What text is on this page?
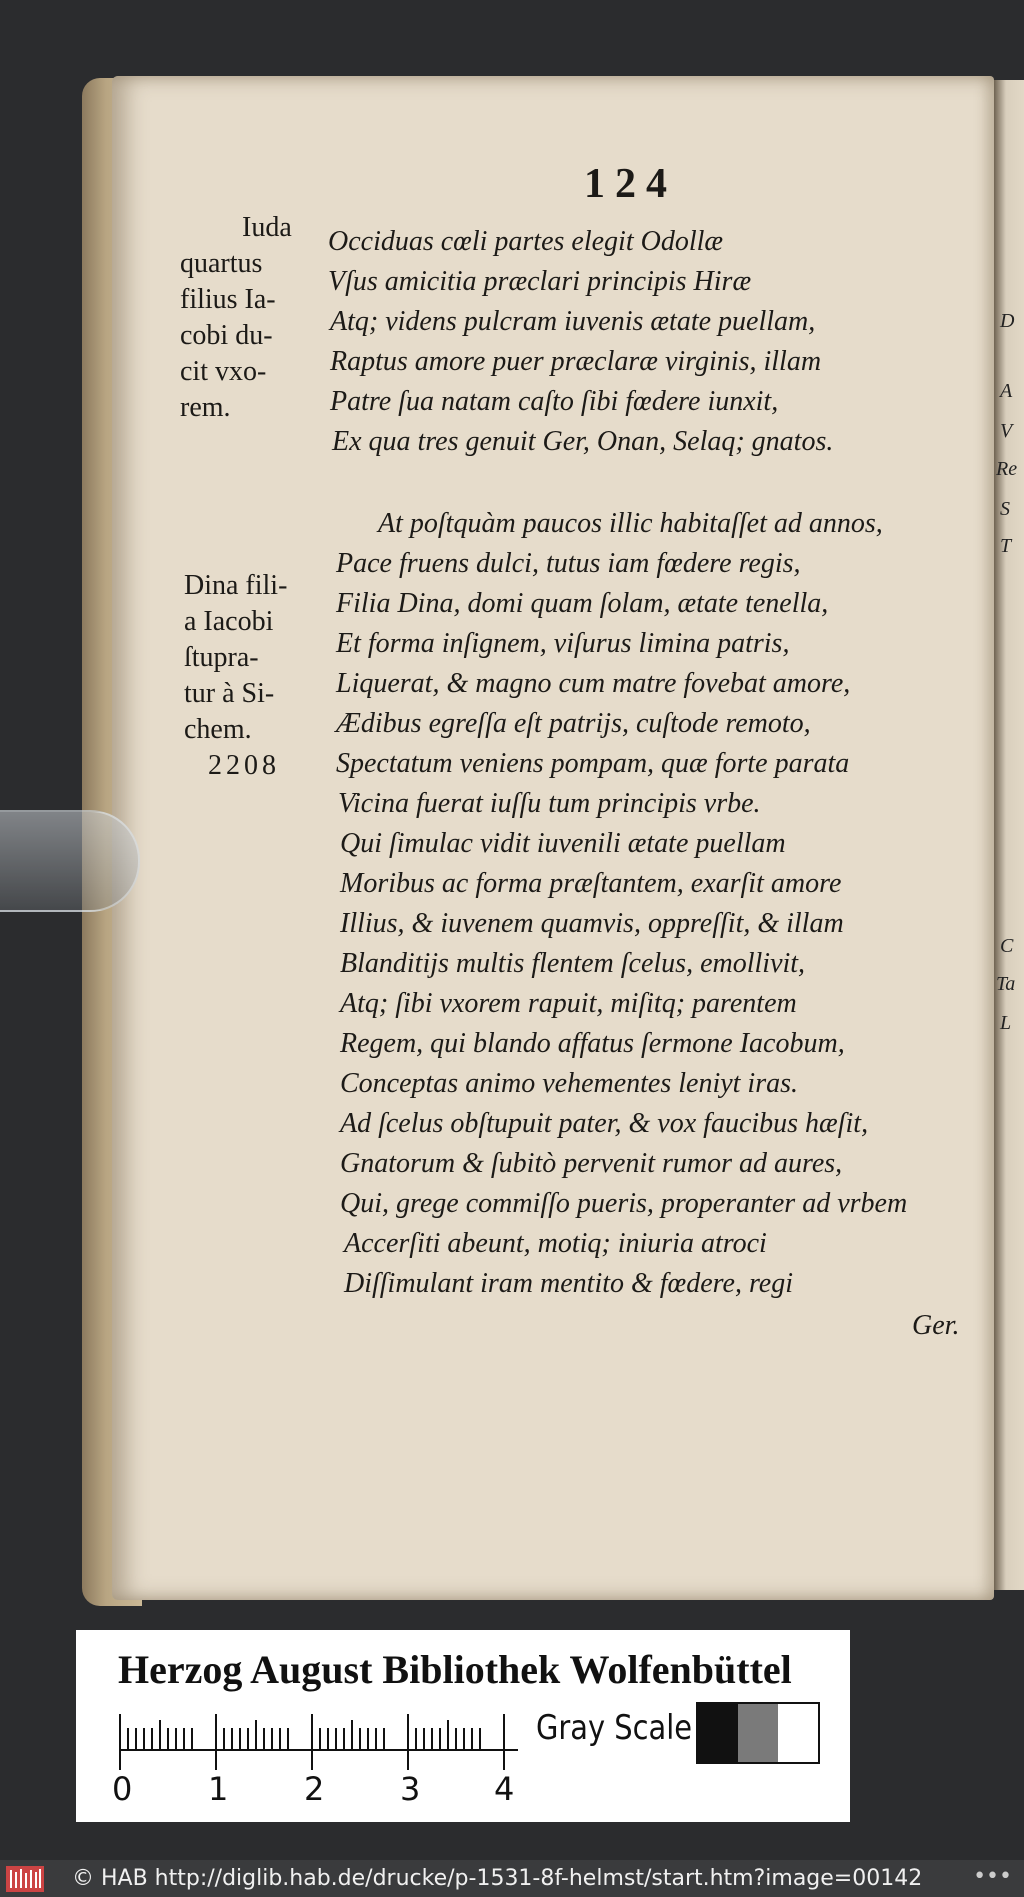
D
A
V
Re
S
T
C
Ta
L
124
Iuda
quartus
filius Ia-
cobi du-
cit vxo-
rem.
Dina fili-
a Iacobi
ſtupra-
tur à Si-
chem.
2208
Occiduas cœli partes elegit Odollæ
Vſus amicitia præclari principis Hiræ
Atq; videns pulcram iuvenis ætate puellam,
Raptus amore puer præclaræ virginis, illam
Patre ſua natam caſto ſibi fœdere iunxit,
Ex qua tres genuit Ger, Onan, Selaq; gnatos.
At poſtquàm paucos illic habitaſſet ad annos,
Pace fruens dulci, tutus iam fœdere regis,
Filia Dina, domi quam ſolam, ætate tenella,
Et forma inſignem, viſurus limina patris,
Liquerat, & magno cum matre fovebat amore,
Ædibus egreſſa eſt patrijs, cuſtode remoto,
Spectatum veniens pompam, quæ forte parata
Vicina fuerat iuſſu tum principis vrbe.
Qui ſimulac vidit iuvenili ætate puellam
Moribus ac forma præſtantem, exarſit amore
Illius, & iuvenem quamvis, oppreſſit, & illam
Blanditijs multis flentem ſcelus, emollivit,
Atq; ſibi vxorem rapuit, miſitq; parentem
Regem, qui blando affatus ſermone Iacobum,
Conceptas animo vehementes leniyt iras.
Ad ſcelus obſtupuit pater, & vox faucibus hæſit,
Gnatorum & ſubitò pervenit rumor ad aures,
Qui, grege commiſſo pueris, properanter ad vrbem
Accerſiti abeunt, motiq; iniuria atroci
Diſſimulant iram mentito & fœdere, regi
Ger.
Herzog August Bibliothek Wolfenbüttel
0 1 2 3 4
Gray Scale
© HAB http://diglib.hab.de/drucke/p-1531-8f-helmst/start.htm?image=00142 •••
